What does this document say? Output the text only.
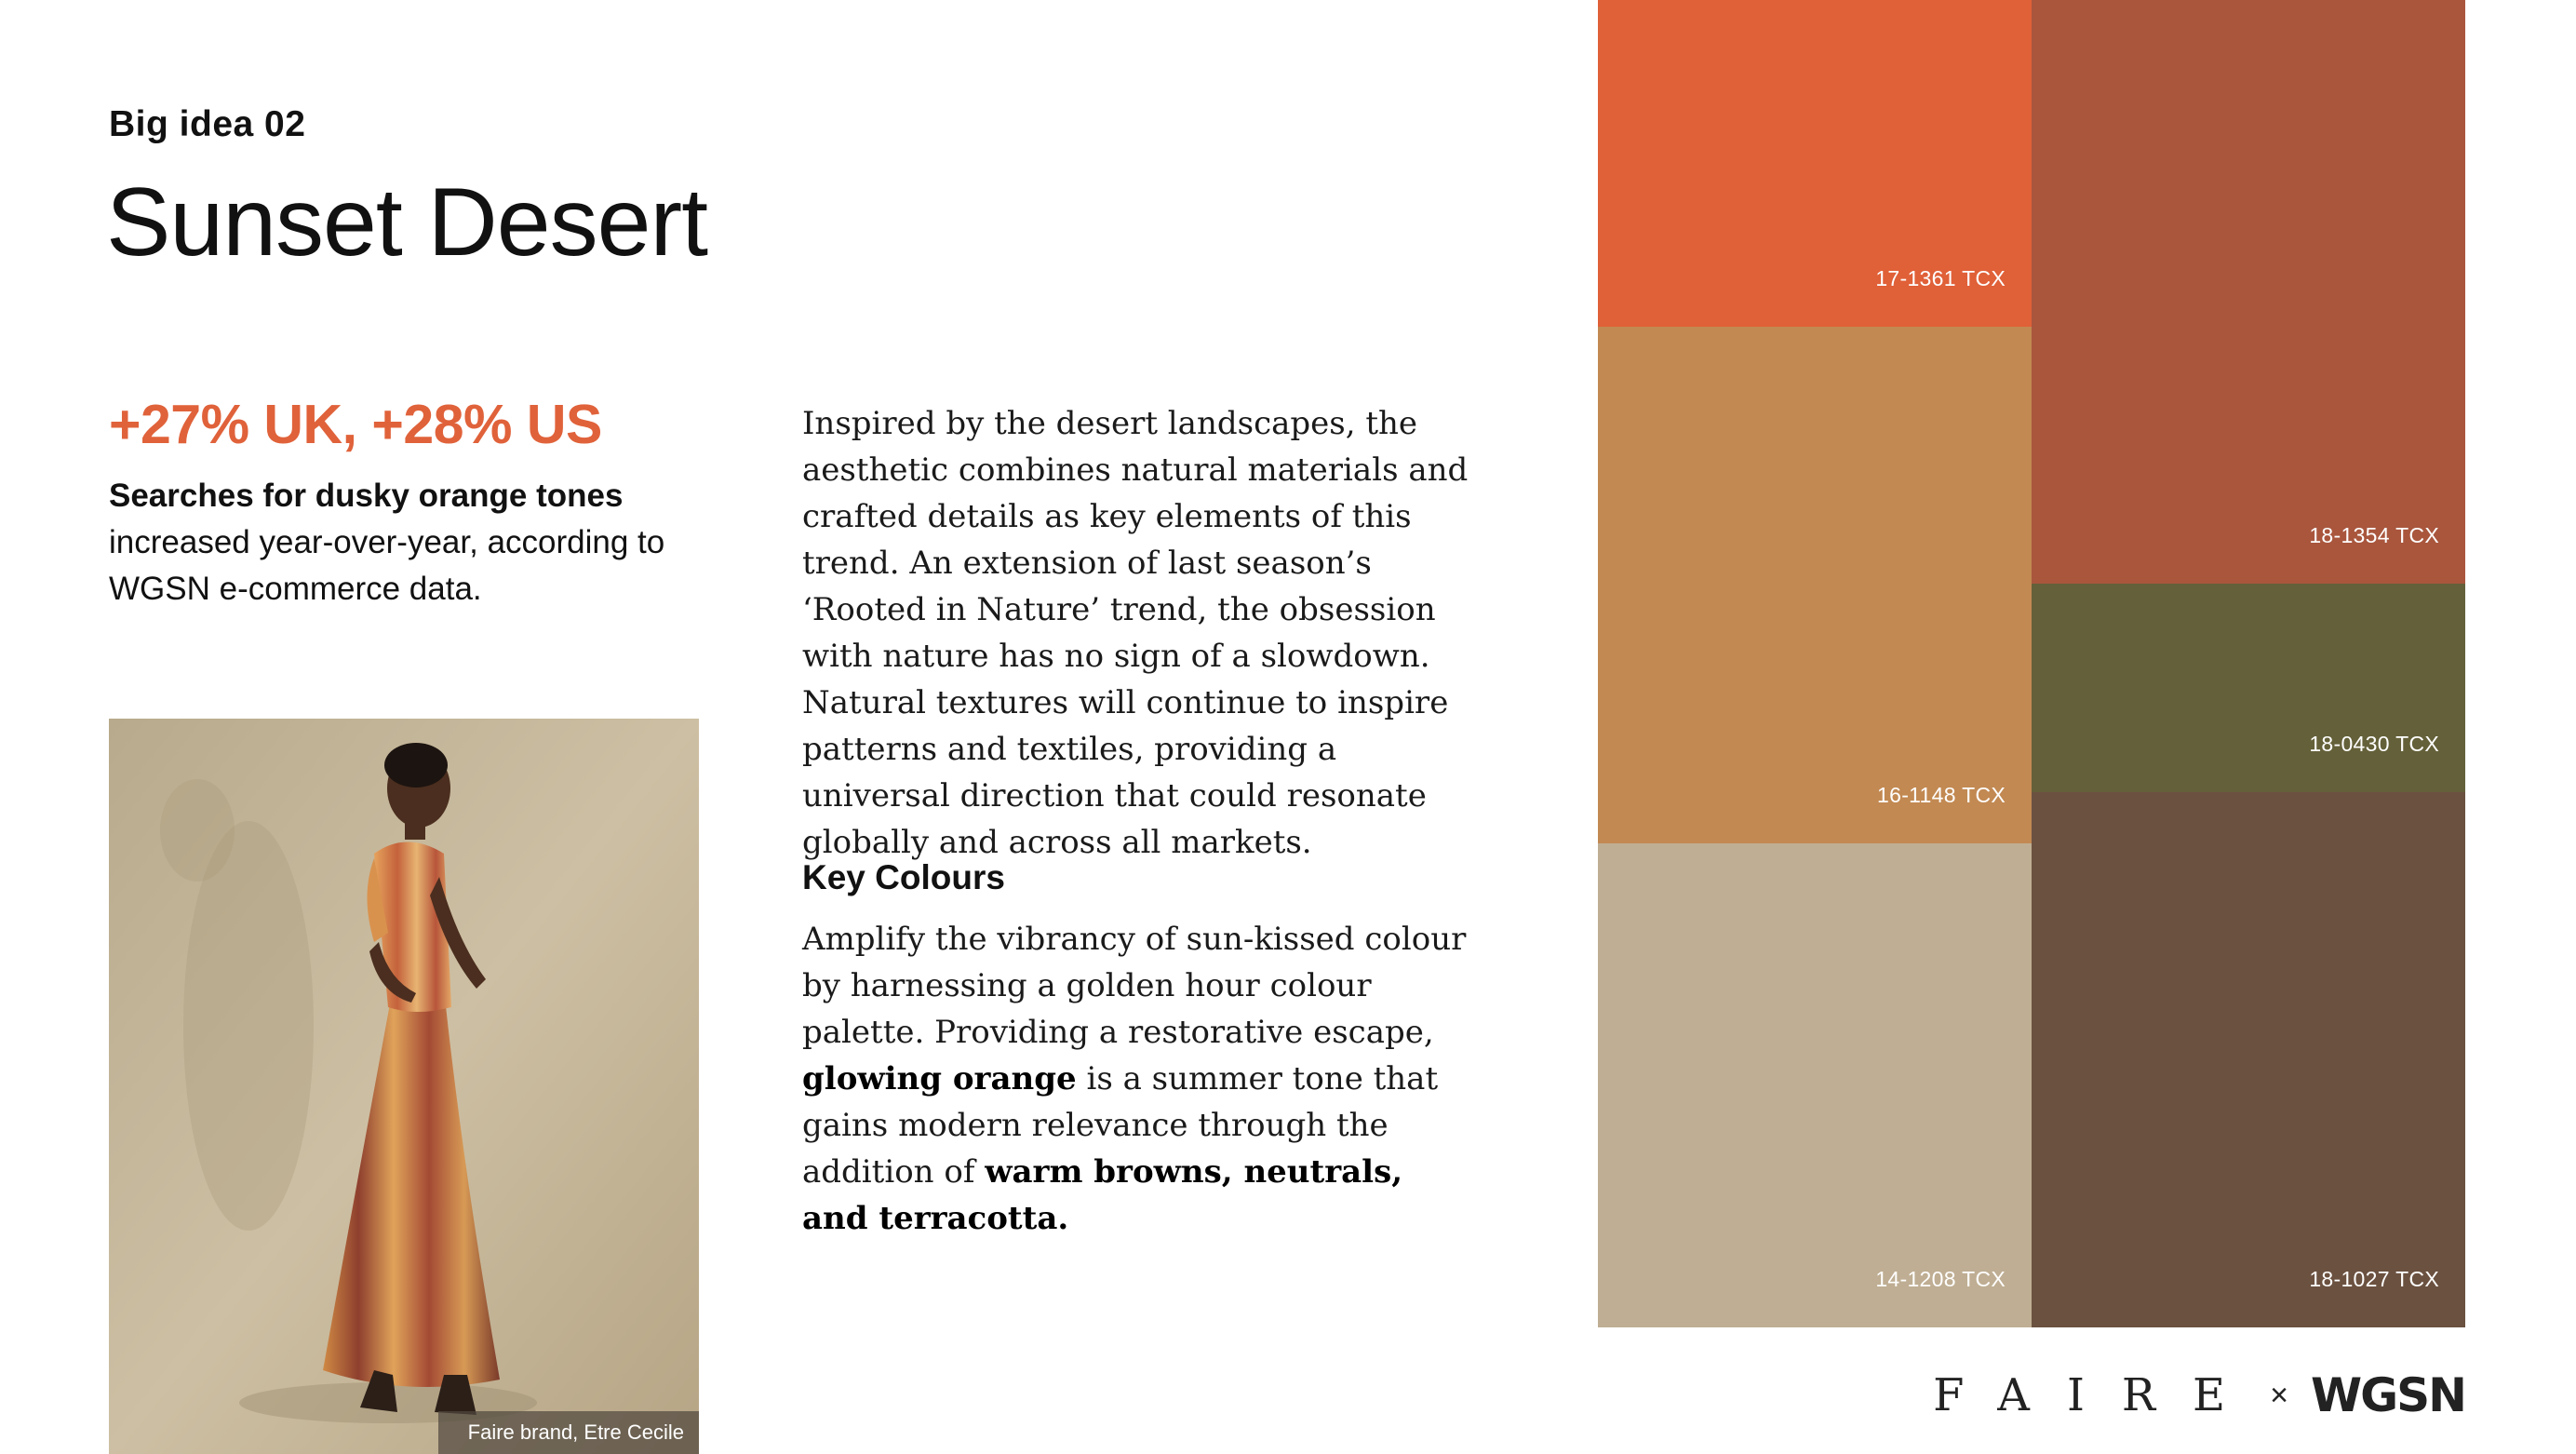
Big idea 02
Sunset Desert
+27% UK, +28% US
Searches for dusky orange tones
increased year-over-year, according to WGSN e-commerce data.
Faire brand, Etre Cecile

Inspired by the desert landscapes, the aesthetic combines natural materials and crafted details as key elements of this trend. An extension of last season’s ‘Rooted in Nature’ trend, the obsession with nature has no sign of a slowdown. Natural textures will continue to inspire patterns and textiles, providing a universal direction that could resonate globally and across all markets.

Key Colours
Amplify the vibrancy of sun-kissed colour by harnessing a golden hour colour palette. Providing a restorative escape, glowing orange is a summer tone that gains modern relevance through the addition of warm browns, neutrals, and terracotta.
17-1361 TCX
18-1354 TCX
16-1148 TCX
18-0430 TCX
14-1208 TCX	18-1027 TCX
FAIRE × WGSN
